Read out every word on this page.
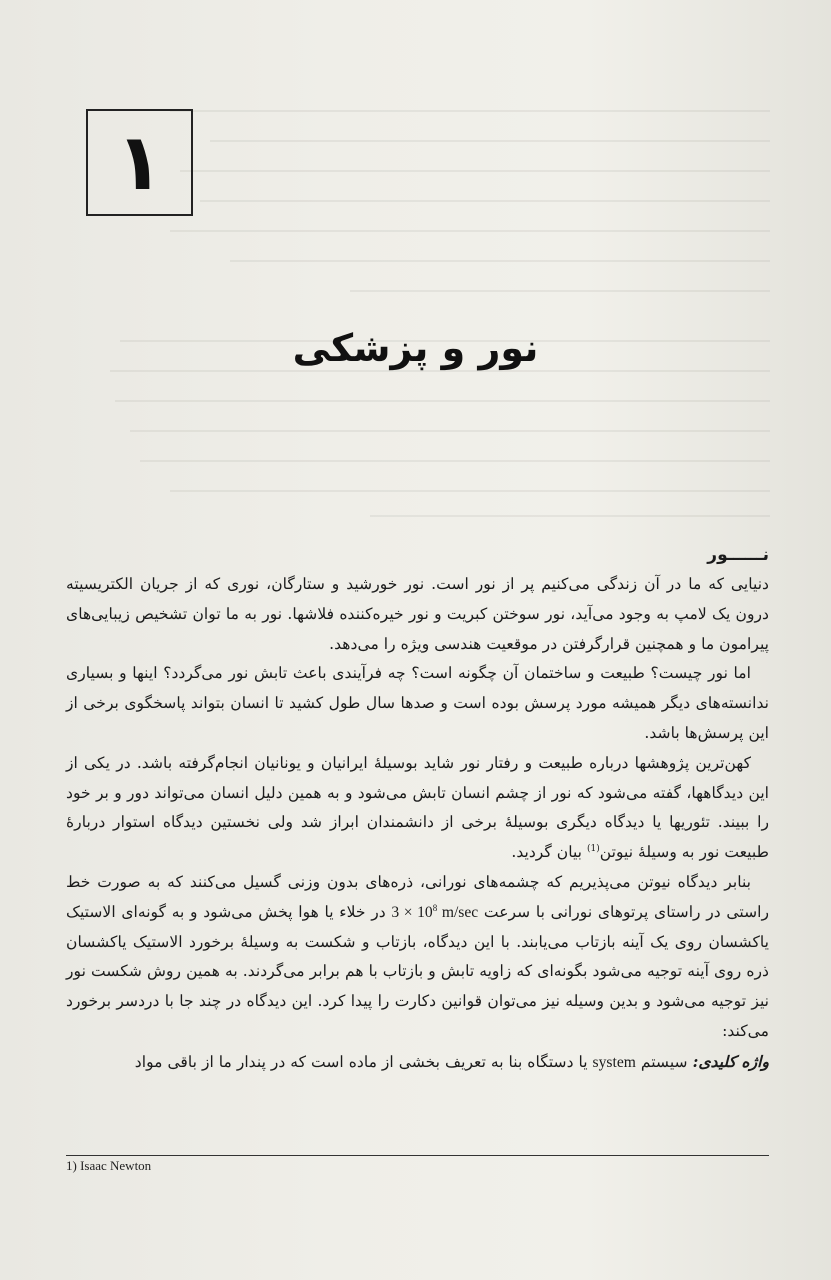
۱
نور و پزشکی
نــــــور

دنیایی که ما در آن زندگی می‌کنیم پر از نور است. نور خورشید و ستارگان، نوری که از جریان الکتریسیته درون یک لامپ به وجود می‌آید، نور سوختن کبریت و نور خیره‌کننده فلاشها. نور به ما توان تشخیص زیبایی‌های پیرامون ما و همچنین قرارگرفتن در موقعیت هندسی ویژه را می‌دهد.

اما نور چیست؟ طبیعت و ساختمان آن چگونه است؟ چه فرآیندی باعث تابش نور می‌گردد؟ اینها و بسیاری ندانسته‌های دیگر همیشه مورد پرسش بوده است و صدها سال طول کشید تا انسان بتواند پاسخگوی برخی از این پرسش‌ها باشد.

کهن‌ترین پژوهشها درباره طبیعت و رفتار نور شاید بوسیلهٔ ایرانیان و یونانیان انجام‌گرفته باشد. در یکی از این دیدگاهها، گفته می‌شود که نور از چشم انسان تابش می‌شود و به همین دلیل انسان می‌تواند دور و بر خود را ببیند. تئوریها یا دیدگاه دیگری بوسیلهٔ برخی از دانشمندان ابراز شد ولی نخستین دیدگاه استوار دربارهٔ طبیعت نور به وسیلهٔ نیوتن$^{(1)}$ بیان گردید.

بنابر دیدگاه نیوتن می‌پذیریم که چشمه‌های نورانی، ذره‌های بدون وزنی گسیل می‌کنند که به صورت خط راستی در راستای پرتوهای نورانی با سرعت $3 \times 10^8$ m/sec در خلاء یا هوا پخش می‌شود و به گونه‌ای الاستیک یاکشسان روی یک آینه بازتاب می‌یابند. با این دیدگاه، بازتاب و شکست به وسیلهٔ برخورد الاستیک یاکشسان ذره روی آینه توجیه می‌شود بگونه‌ای که زاویه تابش و بازتاب با هم برابر می‌گردند. به همین روش شکست نور نیز توجیه می‌شود و بدین وسیله نیز می‌توان قوانین دکارت را پیدا کرد. این دیدگاه در چند جا با دردسر برخورد می‌کند:

واژه کلیدی: سیستم system یا دستگاه بنا به تعریف بخشی از ماده است که در پندار ما از باقی مواد

1) Isaac Newton
